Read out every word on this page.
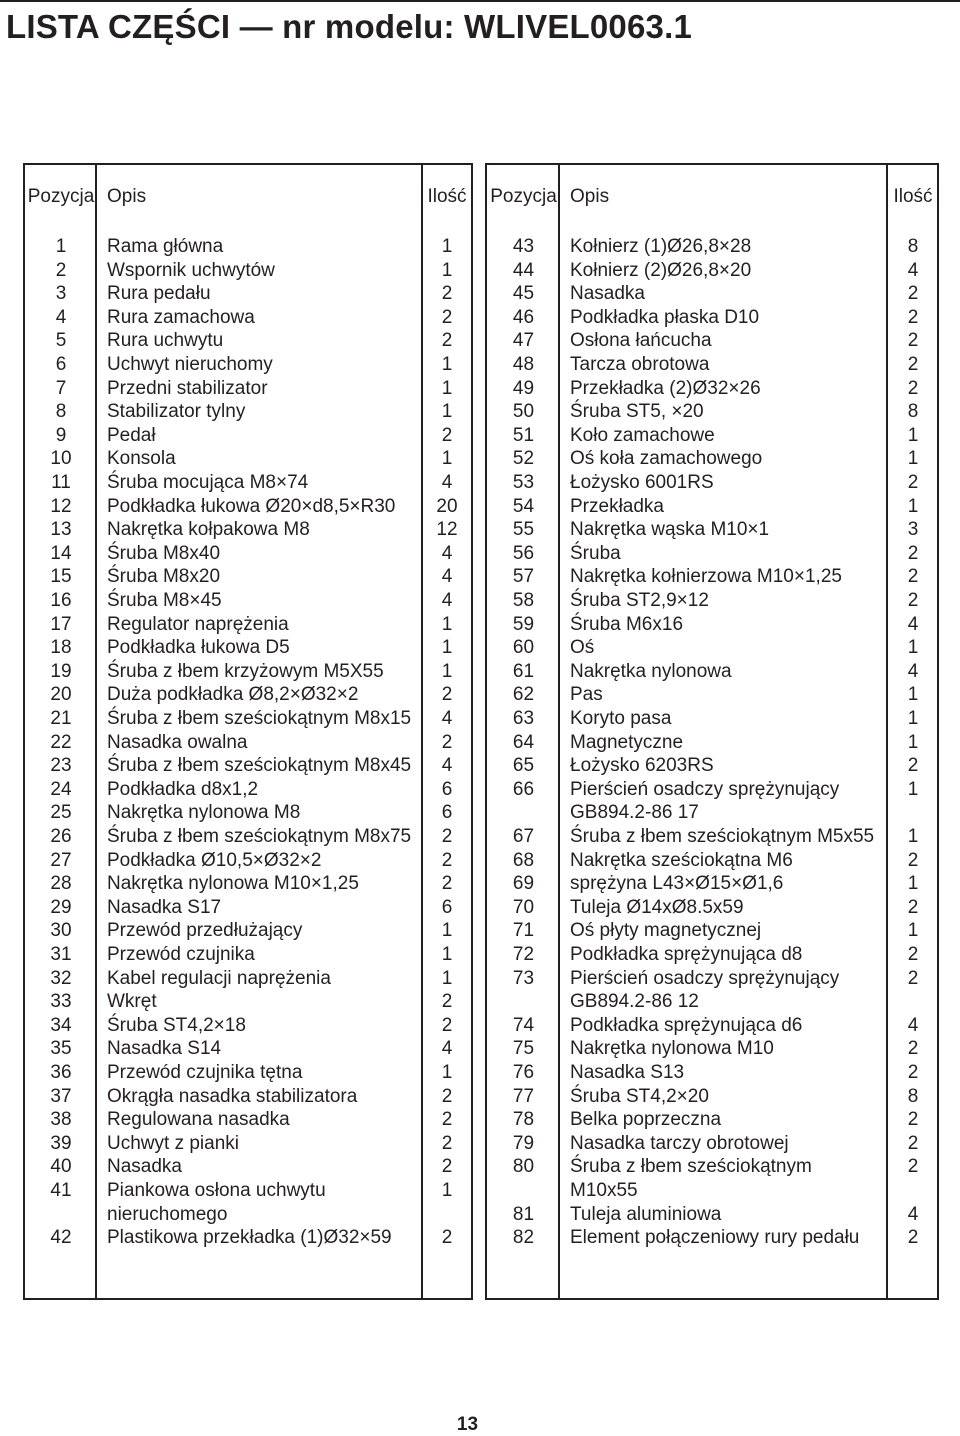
LISTA CZĘŚCI — nr modelu: WLIVEL0063.1
Pozycja Opis	Ilość
1	Rama główna	1
2	Wspornik uchwytów	1
3	Rura pedału	2
4	Rura zamachowa	2
5	Rura uchwytu	2
6	Uchwyt nieruchomy	1
7	Przedni stabilizator	1
8	Stabilizator tylny	1
9	Pedał	2
10	Konsola	1
11	Śruba mocująca M8×74	4
12	Podkładka łukowa Ø20×d8,5×R30	20
13	Nakrętka kołpakowa M8	12
14	Śruba M8x40	4
15	Śruba M8x20	4
16	Śruba M8×45	4
17	Regulator naprężenia	1
18	Podkładka łukowa D5	1
19	Śruba z łbem krzyżowym M5X55	1
20	Duża podkładka Ø8,2×Ø32×2	2
21	Śruba z łbem sześciokątnym M8x15	4
22	Nasadka owalna	2
23	Śruba z łbem sześciokątnym M8x45	4
24	Podkładka d8x1,2	6
25	Nakrętka nylonowa M8	6
26	Śruba z łbem sześciokątnym M8x75	2
27	Podkładka Ø10,5×Ø32×2	2
28	Nakrętka nylonowa M10×1,25	2
29	Nasadka S17	6
30	Przewód przedłużający	1
31	Przewód czujnika	1
32	Kabel regulacji naprężenia	1
33	Wkręt	2
34	Śruba ST4,2×18	2
35	Nasadka S14	4
36	Przewód czujnika tętna	1
37	Okrągła nasadka stabilizatora	2
38	Regulowana nasadka	2
39	Uchwyt z pianki	2
40	Nasadka	2
41	Piankowa osłona uchwytu	1
nieruchomego
42	Plastikowa przekładka (1)Ø32×59	2
Pozycja Opis	Ilość
43	Kołnierz (1)Ø26,8×28	8
44	Kołnierz (2)Ø26,8×20	4
45	Nasadka	2
46	Podkładka płaska D10	2
47	Osłona łańcucha	2
48	Tarcza obrotowa	2
49	Przekładka (2)Ø32×26	2
50	Śruba ST5, ×20	8
51	Koło zamachowe	1
52	Oś koła zamachowego	1
53	Łożysko 6001RS	2
54	Przekładka	1
55	Nakrętka wąska M10×1	3
56	Śruba	2
57	Nakrętka kołnierzowa M10×1,25	2
58	Śruba ST2,9×12	2
59	Śruba M6x16	4
60	Oś	1
61	Nakrętka nylonowa	4
62	Pas	1
63	Koryto pasa	1
64	Magnetyczne	1
65	Łożysko 6203RS	2
66	Pierścień osadczy sprężynujący	1
GB894.2-86 17
67	Śruba z łbem sześciokątnym M5x55	1
68	Nakrętka sześciokątna M6	2
69	sprężyna L43×Ø15×Ø1,6	1
70	Tuleja Ø14xØ8.5x59	2
71	Oś płyty magnetycznej	1
72	Podkładka sprężynująca d8	2
73	Pierścień osadczy sprężynujący	2
GB894.2-86 12
74	Podkładka sprężynująca d6	4
75	Nakrętka nylonowa M10	2
76	Nasadka S13	2
77	Śruba ST4,2×20	8
78	Belka poprzeczna	2
79	Nasadka tarczy obrotowej	2
80	Śruba z łbem sześciokątnym	2
M10x55
81	Tuleja aluminiowa	4
82	Element połączeniowy rury pedału	2
13
